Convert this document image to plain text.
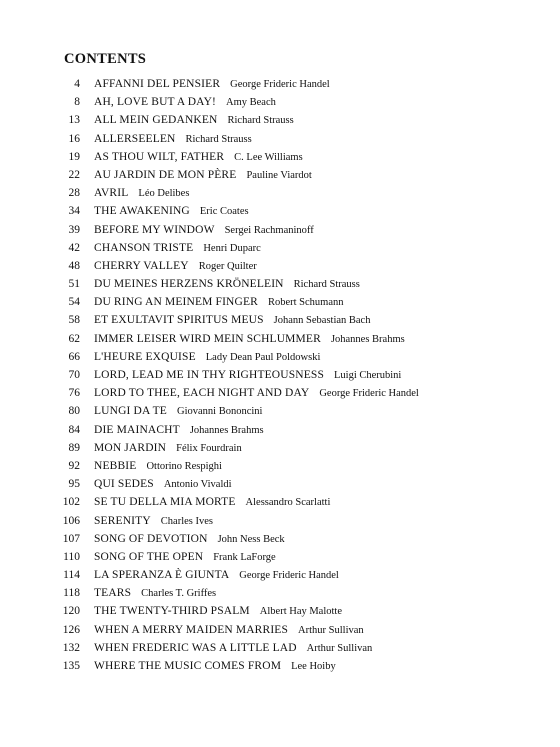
CONTENTS
4 AFFANNI DEL PENSIER George Frideric Handel
8 AH, LOVE BUT A DAY! Amy Beach
13 ALL MEIN GEDANKEN Richard Strauss
16 ALLERSEELEN Richard Strauss
19 AS THOU WILT, FATHER C. Lee Williams
22 AU JARDIN DE MON PÈRE Pauline Viardot
28 AVRIL Léo Delibes
34 THE AWAKENING Eric Coates
39 BEFORE MY WINDOW Sergei Rachmaninoff
42 CHANSON TRISTE Henri Duparc
48 CHERRY VALLEY Roger Quilter
51 DU MEINES HERZENS KRÖNELEIN Richard Strauss
54 DU RING AN MEINEM FINGER Robert Schumann
58 ET EXULTAVIT SPIRITUS MEUS Johann Sebastian Bach
62 IMMER LEISER WIRD MEIN SCHLUMMER Johannes Brahms
66 L'HEURE EXQUISE Lady Dean Paul Poldowski
70 LORD, LEAD ME IN THY RIGHTEOUSNESS Luigi Cherubini
76 LORD TO THEE, EACH NIGHT AND DAY George Frideric Handel
80 LUNGI DA TE Giovanni Bononcini
84 DIE MAINACHT Johannes Brahms
89 MON JARDIN Félix Fourdrain
92 NEBBIE Ottorino Respighi
95 QUI SEDES Antonio Vivaldi
102 SE TU DELLA MIA MORTE Alessandro Scarlatti
106 SERENITY Charles Ives
107 SONG OF DEVOTION John Ness Beck
110 SONG OF THE OPEN Frank LaForge
114 LA SPERANZA È GIUNTA George Frideric Handel
118 TEARS Charles T. Griffes
120 THE TWENTY-THIRD PSALM Albert Hay Malotte
126 WHEN A MERRY MAIDEN MARRIES Arthur Sullivan
132 WHEN FREDERIC WAS A LITTLE LAD Arthur Sullivan
135 WHERE THE MUSIC COMES FROM Lee Hoiby
